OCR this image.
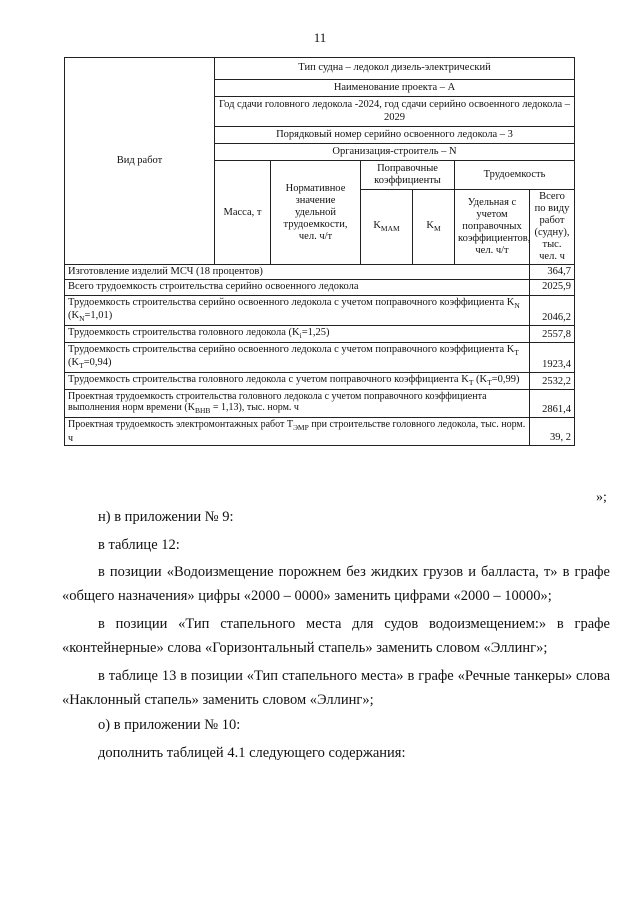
11
Вид работ	Тип судна – ледокол дизель-электрический					
	Наименование проекта – А					
	Год сдачи головного ледокола -2024, год сдачи серийно освоенного ледокола – 2029					
	Порядковый номер серийно освоенного ледокола – 3					
	Организация-строитель – N					
	Масса, т	Нормативное значение удельной трудоемкости, чел. ч/т	Поправочные коэффициенты		Трудоемкость	
			$K_{МАМ}$	$K_М$	Удельная с учетом поправочных коэффициентов, чел. ч/т	Всего по виду работ (судну), тыс. чел. ч
Изготовление изделий МСЧ (18 процентов)						364,7
Всего трудоемкость строительства серийно освоенного ледокола						2025,9
Трудоемкость строительства серийно освоенного ледокола с учетом поправочного коэффициента $K_N$ $(K_N=1,01)$						2046,2
Трудоемкость строительства головного ледокола $(K_i=1,25)$						2557,8
Трудоемкость строительства серийно освоенного ледокола с учетом поправочного коэффициента $K_T$ $(K_T=0,94)$						1923,4
Трудоемкость строительства головного ледокола с учетом поправочного коэффициента $K_T$ $(K_T=0,99)$						2532,2
Проектная трудоемкость строительства головного ледокола с учетом поправочного коэффициента выполнения норм времени $(K_{ВНВ} = 1,13)$, тыс. норм. ч						2861,4
Проектная трудоемкость электромонтажных работ $T_{ЭМР}$ при строительстве головного ледокола, тыс. норм. ч						39, 2
»;
н) в приложении № 9:
в таблице 12:
в позиции «Водоизмещение порожнем без жидких грузов и балласта, т» в графе «общего назначения» цифры «2000 – 0000» заменить цифрами «2000 – 10000»;
в позиции «Тип стапельного места для судов водоизмещением:» в графе «контейнерные» слова «Горизонтальный стапель» заменить словом «Эллинг»;
в таблице 13 в позиции «Тип стапельного места» в графе «Речные танкеры» слова «Наклонный стапель» заменить словом «Эллинг»;
о) в приложении № 10:
дополнить таблицей 4.1 следующего содержания:
